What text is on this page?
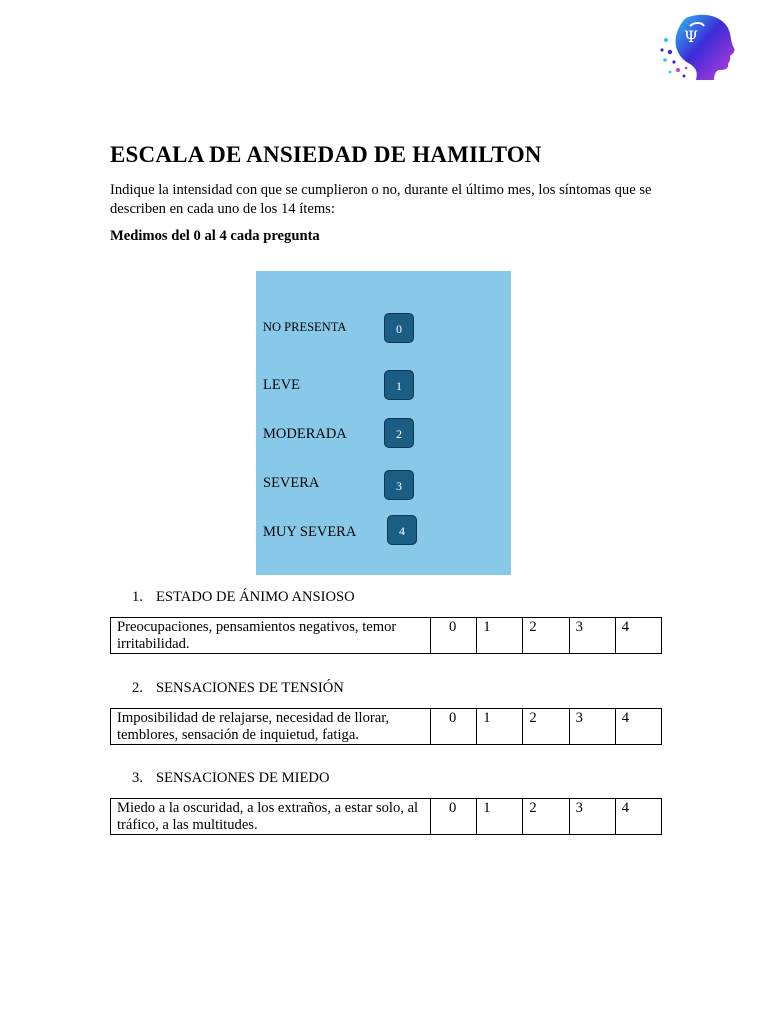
Ψ
ESCALA DE ANSIEDAD DE HAMILTON

Indique la intensidad con que se cumplieron o no, durante el último mes, los síntomas que se describen en cada uno de los 14 ítems:

Medimos del 0 al 4 cada pregunta

NO PRESENTA	0
LEVE	1
MODERADA	2
SEVERA	3
MUY SEVERA	4

1. ESTADO DE ÁNIMO ANSIOSO

Preocupaciones, pensamientos negativos, temor irritabilidad.	0	1	2	3	4

2. SENSACIONES DE TENSIÓN

Imposibilidad de relajarse, necesidad de llorar, temblores, sensación de inquietud, fatiga.	0	1	2	3	4

3. SENSACIONES DE MIEDO

Miedo a la oscuridad, a los extraños, a estar solo, al tráfico, a las multitudes.	0	1	2	3	4
